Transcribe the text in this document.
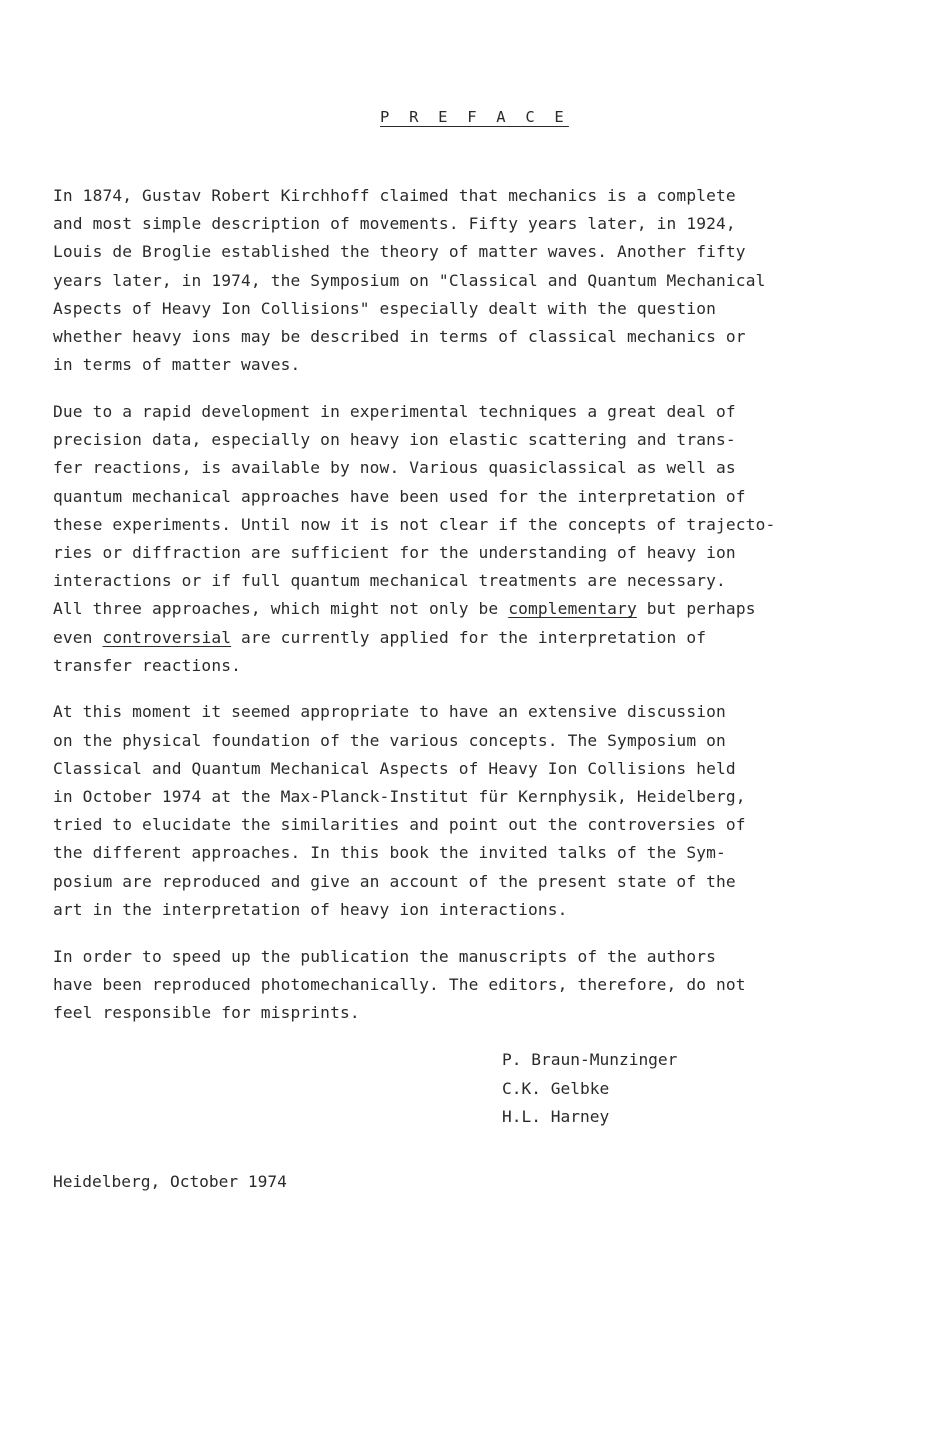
P R E F A C E

In 1874, Gustav Robert Kirchhoff claimed that mechanics is a complete
and most simple description of movements. Fifty years later, in 1924,
Louis de Broglie established the theory of matter waves. Another fifty
years later, in 1974, the Symposium on "Classical and Quantum Mechanical
Aspects of Heavy Ion Collisions" especially dealt with the question
whether heavy ions may be described in terms of classical mechanics or
in terms of matter waves.

Due to a rapid development in experimental techniques a great deal of
precision data, especially on heavy ion elastic scattering and trans-
fer reactions, is available by now. Various quasiclassical as well as
quantum mechanical approaches have been used for the interpretation of
these experiments. Until now it is not clear if the concepts of trajecto-
ries or diffraction are sufficient for the understanding of heavy ion
interactions or if full quantum mechanical treatments are necessary.
All three approaches, which might not only be complementary but perhaps
even controversial are currently applied for the interpretation of
transfer reactions.

At this moment it seemed appropriate to have an extensive discussion
on the physical foundation of the various concepts. The Symposium on
Classical and Quantum Mechanical Aspects of Heavy Ion Collisions held
in October 1974 at the Max-Planck-Institut für Kernphysik, Heidelberg,
tried to elucidate the similarities and point out the controversies of
the different approaches. In this book the invited talks of the Sym-
posium are reproduced and give an account of the present state of the
art in the interpretation of heavy ion interactions.

In order to speed up the publication the manuscripts of the authors
have been reproduced photomechanically. The editors, therefore, do not
feel responsible for misprints.

P. Braun-Munzinger
C.K. Gelbke
H.L. Harney
Heidelberg, October 1974
